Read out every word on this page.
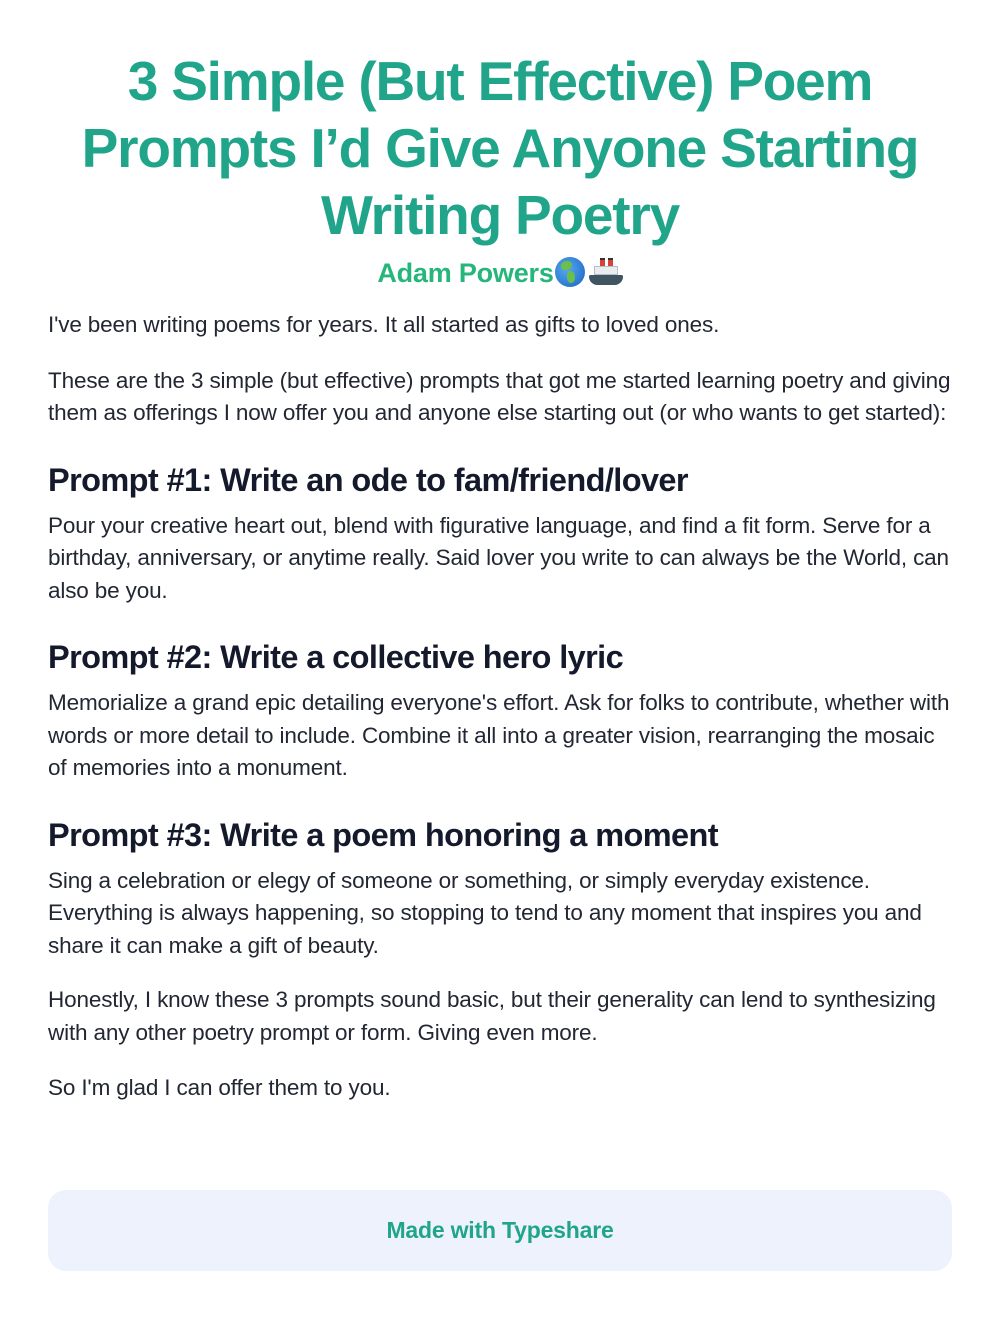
3 Simple (But Effective) Poem Prompts I’d Give Anyone Starting Writing Poetry
Adam Powers

I've been writing poems for years. It all started as gifts to loved ones.

These are the 3 simple (but effective) prompts that got me started learning poetry and giving them as offerings I now offer you and anyone else starting out (or who wants to get started):

Prompt #1: Write an ode to fam/friend/lover

Pour your creative heart out, blend with figurative language, and find a fit form. Serve for a birthday, anniversary, or anytime really. Said lover you write to can always be the World, can also be you.

Prompt #2: Write a collective hero lyric

Memorialize a grand epic detailing everyone's effort. Ask for folks to contribute, whether with words or more detail to include. Combine it all into a greater vision, rearranging the mosaic of memories into a monument.

Prompt #3: Write a poem honoring a moment

Sing a celebration or elegy of someone or something, or simply everyday existence. Everything is always happening, so stopping to tend to any moment that inspires you and share it can make a gift of beauty.

Honestly, I know these 3 prompts sound basic, but their generality can lend to synthesizing with any other poetry prompt or form. Giving even more.

So I'm glad I can offer them to you.

Made with Typeshare
